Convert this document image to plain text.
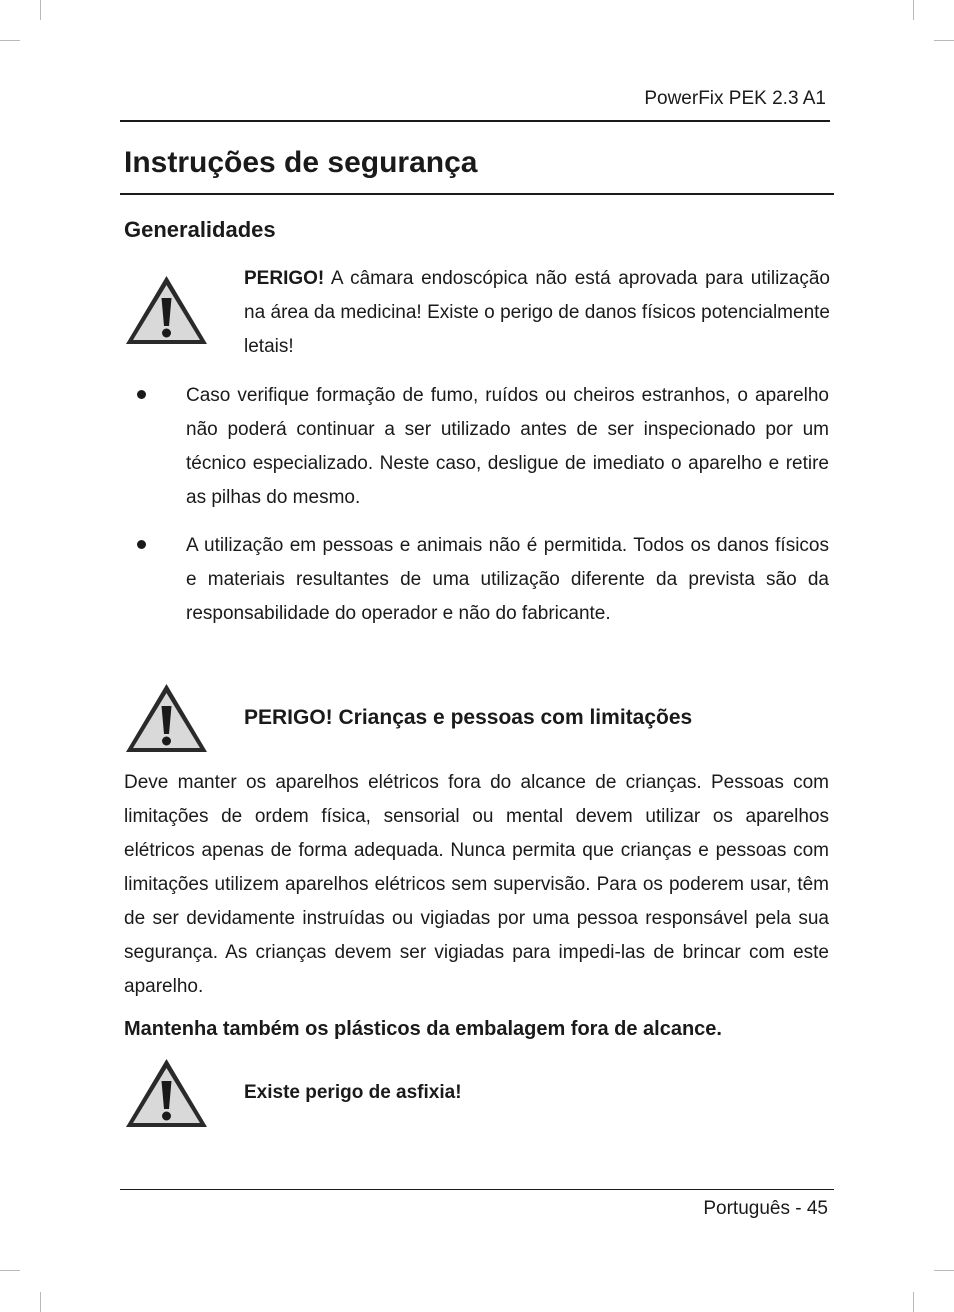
PowerFix PEK 2.3 A1
Instruções de segurança
Generalidades

PERIGO! A câmara endoscópica não está aprovada para utilização na área da medicina! Existe o perigo de danos físicos potencialmente letais!

Caso verifique formação de fumo, ruídos ou cheiros estranhos, o aparelho não poderá continuar a ser utilizado antes de ser inspecionado por um técnico especializado. Neste caso, desligue de imediato o aparelho e retire as pilhas do mesmo.

A utilização em pessoas e animais não é permitida. Todos os danos físicos e materiais resultantes de uma utilização diferente da prevista são da responsabilidade do operador e não do fabricante.

PERIGO! Crianças e pessoas com limitações

Deve manter os aparelhos elétricos fora do alcance de crianças. Pessoas com limitações de ordem física, sensorial ou mental devem utilizar os aparelhos elétricos apenas de forma adequada. Nunca permita que crianças e pessoas com limitações utilizem aparelhos elétricos sem supervisão. Para os poderem usar, têm de ser devidamente instruídas ou vigiadas por uma pessoa responsável pela sua segurança. As crianças devem ser vigiadas para impedi-las de brincar com este aparelho.

Mantenha também os plásticos da embalagem fora de alcance.

Existe perigo de asfixia!

Português - 45
